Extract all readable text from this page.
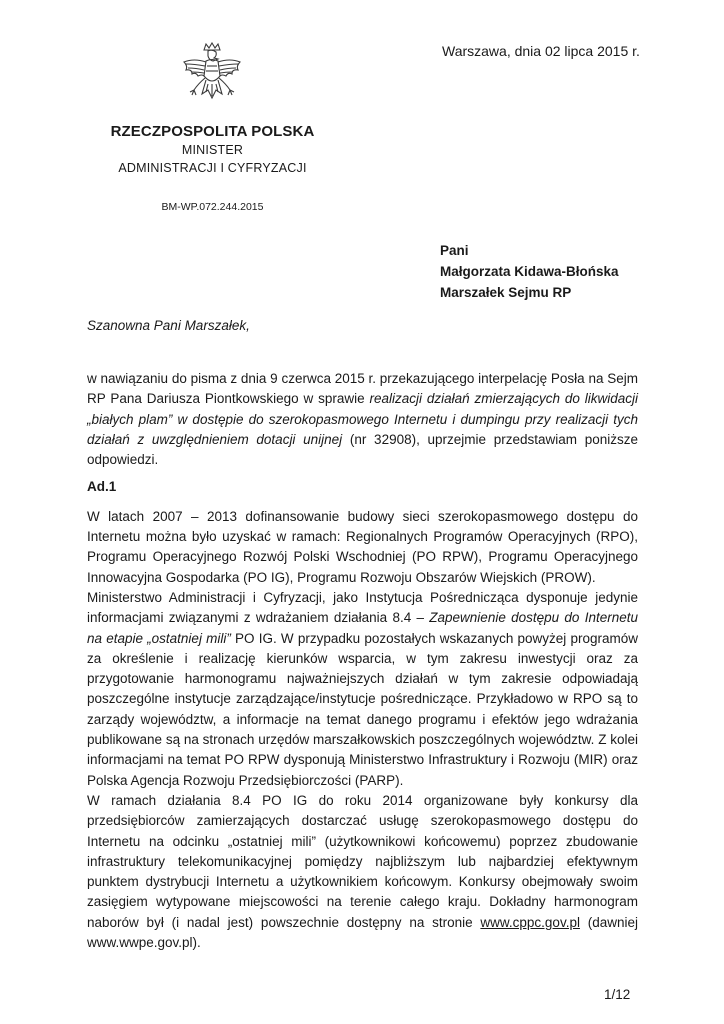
Warszawa, dnia 02 lipca 2015 r.
RZECZPOSPOLITA POLSKA
MINISTER
ADMINISTRACJI I CYFRYZACJI
BM-WP.072.244.2015
Pani
Małgorzata Kidawa-Błońska
Marszałek Sejmu RP
Szanowna Pani Marszałek,

w nawiązaniu do pisma z dnia 9 czerwca 2015 r. przekazującego interpelację Posła na Sejm RP Pana Dariusza Piontkowskiego w sprawie realizacji działań zmierzających do likwidacji „białych plam” w dostępie do szerokopasmowego Internetu i dumpingu przy realizacji tych działań z uwzględnieniem dotacji unijnej (nr 32908), uprzejmie przedstawiam poniższe odpowiedzi.

Ad.1

W latach 2007 – 2013 dofinansowanie budowy sieci szerokopasmowego dostępu do Internetu można było uzyskać w ramach: Regionalnych Programów Operacyjnych (RPO), Programu Operacyjnego Rozwój Polski Wschodniej (PO RPW), Programu Operacyjnego Innowacyjna Gospodarka (PO IG), Programu Rozwoju Obszarów Wiejskich (PROW).

Ministerstwo Administracji i Cyfryzacji, jako Instytucja Pośrednicząca dysponuje jedynie informacjami związanymi z wdrażaniem działania 8.4 – Zapewnienie dostępu do Internetu na etapie „ostatniej mili” PO IG. W przypadku pozostałych wskazanych powyżej programów za określenie i realizację kierunków wsparcia, w tym zakresu inwestycji oraz za przygotowanie harmonogramu najważniejszych działań w tym zakresie odpowiadają poszczególne instytucje zarządzające/instytucje pośredniczące. Przykładowo w RPO są to zarządy województw, a informacje na temat danego programu i efektów jego wdrażania publikowane są na stronach urzędów marszałkowskich poszczególnych województw. Z kolei informacjami na temat PO RPW dysponują Ministerstwo Infrastruktury i Rozwoju (MIR) oraz Polska Agencja Rozwoju Przedsiębiorczości (PARP).

W ramach działania 8.4 PO IG do roku 2014 organizowane były konkursy dla przedsiębiorców zamierzających dostarczać usługę szerokopasmowego dostępu do Internetu na odcinku „ostatniej mili” (użytkownikowi końcowemu) poprzez zbudowanie infrastruktury telekomunikacyjnej pomiędzy najbliższym lub najbardziej efektywnym punktem dystrybucji Internetu a użytkownikiem końcowym. Konkursy obejmowały swoim zasięgiem wytypowane miejscowości na terenie całego kraju. Dokładny harmonogram naborów był (i nadal jest) powszechnie dostępny na stronie www.cppc.gov.pl (dawniej www.wwpe.gov.pl).

1/12
